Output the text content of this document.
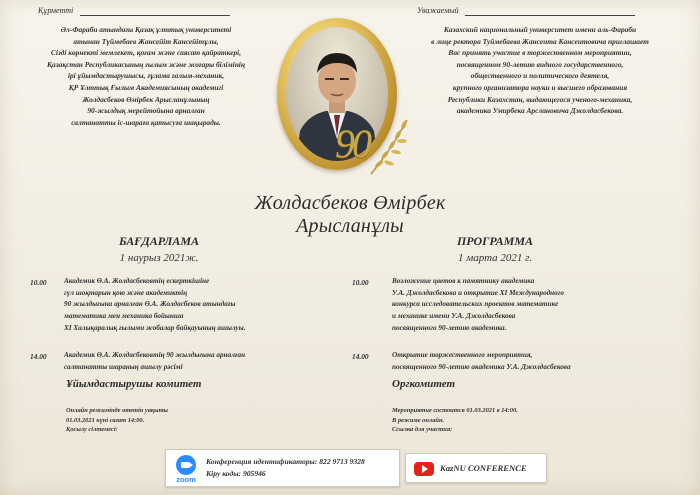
Құрметті
Әл-Фараби атындағы Қазақ ұлттық университеті
атынан Түймебаев Жансейіт Кансейітұлы,
Сізді көрнекті мемлекет, қоғам және саясат қайраткері,
Қазақстан Республикасының ғылым және жоғары білімінің
ірі ұйымдастырушысы, ғұлама ғалым-механик,
ҚР Ұлттық Ғылым Академиясының академигі
Жолдасбеков Өмірбек Арысланұлының
90-жылдық мерейтойына арналған
салтанатты іс-шараға қатысуға шақырады.
Уважаемый
Казахский национальный университет имени аль-Фараби
в лице ректора Туймебаева Жансеита Кансеитовича приглашает
Вас принять участие в торжественном мероприятии,
посвященном 90-летию видного государственного,
общественного и политического деятеля,
крупного организатора науки и высшего образования
Республики Казахстан, выдающегося ученого-механика,
академика Умирбека Арслановича Джолдасбекова.
90
Жолдасбеков Өмірбек Арысланұлы
БАҒДАРЛАМА
1 наурыз 2021ж.
ПРОГРАММА
1 марта 2021 г.
10.00 Академик Ө.А. Жолдасбековтің ескерткішіне
гүл шоқтарын қою және академиктің
90 жылдығына арналған Ө.А. Жолдасбеков атындағы
математика мен механика бойынша
XI Халықаралық ғылыми жобалар байқауының ашылуы.
14.00 Академик Ө.А. Жолдасбековтің 90 жылдығына арналған
салтанатты шараның ашылу рәсімі
10.00	Возложение цветов к памятнику академика
У.А. Джолдасбекова и открытие XI Международного
конкурса исследовательских проектов математике
и механике имени У.А. Джолдасбекова
посвященного 90-летию академика.
14.00	Открытие торжественного мероприятия,
посвященного 90-летию академика У.А. Джолдасбекова
Ұйымдастырушы комитет	Оргкомитет
Онлайн режимінде өтетін уақыты
01.03.2021 күні сағат 14:00.
Қосылу сілтемесі:
Мероприятие состоится 01.03.2021 в 14:00.
В режиме онлайн.
Ссылка для участия:
zoom
Конференция идентификаторы: 822 9713 9328
Кіру коды: 905946
KazNU CONFERENCE
